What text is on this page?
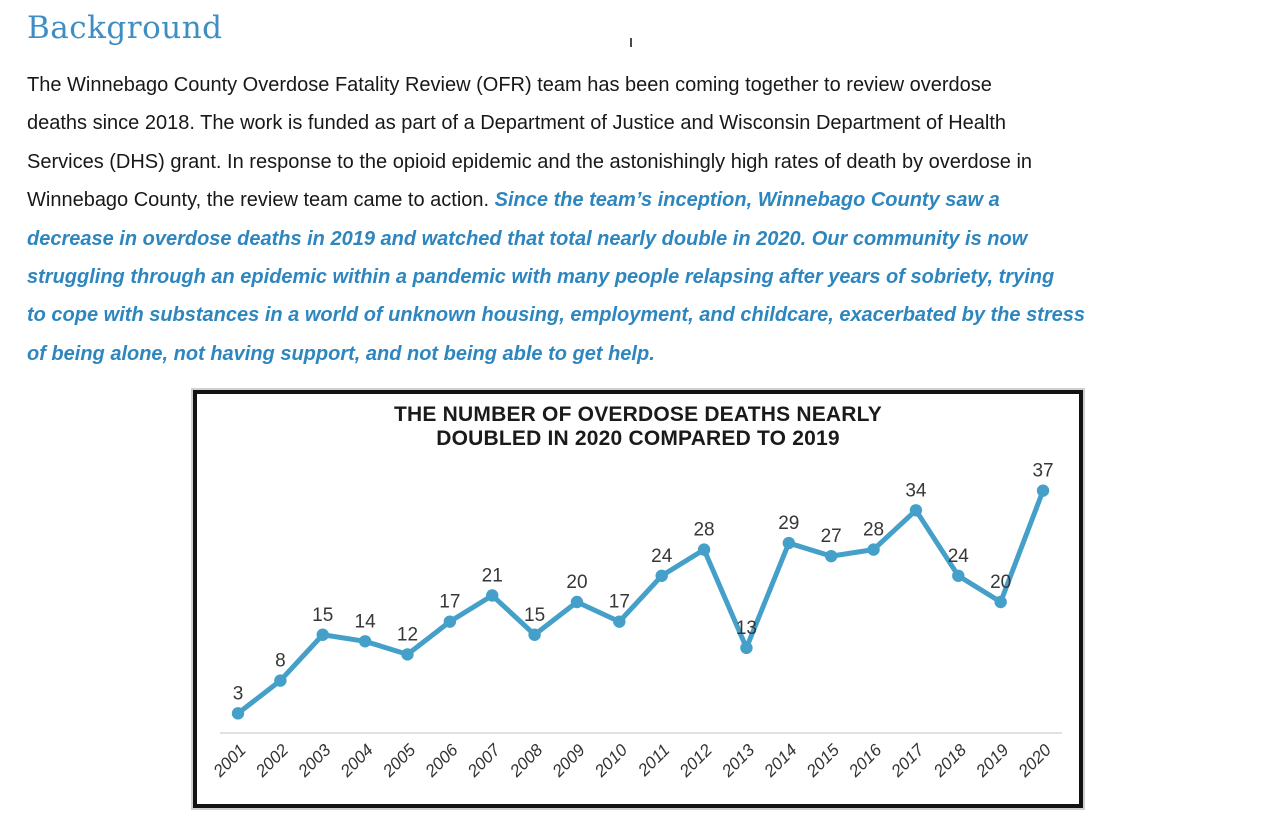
Background
The Winnebago County Overdose Fatality Review (OFR) team has been coming together to review overdose
deaths since 2018. The work is funded as part of a Department of Justice and Wisconsin Department of Health
Services (DHS) grant. In response to the opioid epidemic and the astonishingly high rates of death by overdose in
Winnebago County, the review team came to action. Since the team’s inception, Winnebago County saw a
decrease in overdose deaths in 2019 and watched that total nearly double in 2020. Our community is now
struggling through an epidemic within a pandemic with many people relapsing after years of sobriety, trying
to cope with substances in a world of unknown housing, employment, and childcare, exacerbated by the stress
of being alone, not having support, and not being able to get help.
3
2001
8
2002
15
2003
14
2004
12
2005
17
2006
21
2007
15
2008
20
2009
17
2010
24
2011
28
2012
13
2013
29
2014
27
2015
28
2016
34
2017
24
2018
20
2019
37
2020
THE NUMBER OF OVERDOSE DEATHS NEARLY
DOUBLED IN 2020 COMPARED TO 2019
